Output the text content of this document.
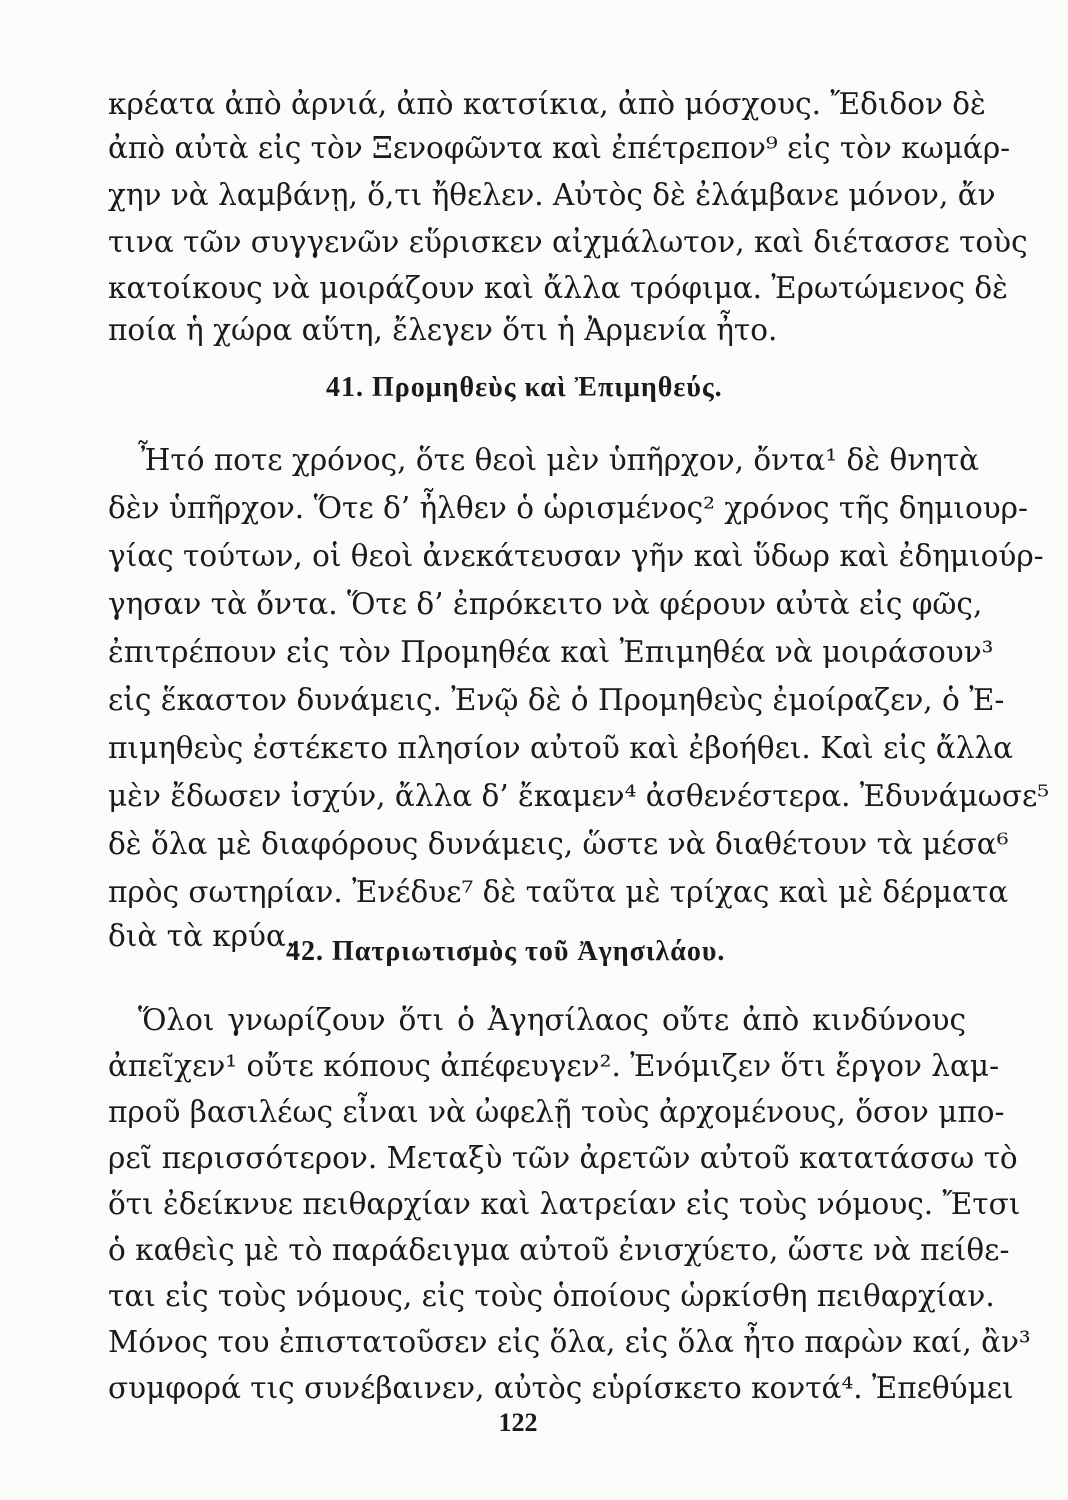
κρέατα ἀπὸ ἀρνιά, ἀπὸ κατσίκια, ἀπὸ μόσχους. Ἔδιδον δὲ

ἀπὸ αὐτὰ εἰς τὸν Ξενοφῶντα καὶ ἐπέτρεπον⁹ εἰς τὸν κωμάρ-

χην νὰ λαμβάνῃ, ὅ,τι ἤθελεν. Αὐτὸς δὲ ἐλάμβανε μόνον, ἄν

τινα τῶν συγγενῶν εὕρισκεν αἰχμάλωτον, καὶ διέτασσε τοὺς

κατοίκους νὰ μοιράζουν καὶ ἄλλα τρόφιμα. Ἐρωτώμενος δὲ

ποία ἡ χώρα αὕτη, ἔλεγεν ὅτι ἡ Ἀρμενία ἦτο.

41. Προμηθεὺς καὶ Ἐπιμηθεύς.

Ἦτό ποτε χρόνος, ὅτε θεοὶ μὲν ὑπῆρχον, ὄντα¹ δὲ θνητὰ

δὲν ὑπῆρχον. Ὅτε δ’ ἦλθεν ὁ ὡρισμένος² χρόνος τῆς δημιουρ-

γίας τούτων, οἱ θεοὶ ἀνεκάτευσαν γῆν καὶ ὕδωρ καὶ ἐδημιούρ-

γησαν τὰ ὄντα. Ὅτε δ’ ἐπρόκειτο νὰ φέρουν αὐτὰ εἰς φῶς,

ἐπιτρέπουν εἰς τὸν Προμηθέα καὶ Ἐπιμηθέα νὰ μοιράσουν³

εἰς ἕκαστον δυνάμεις. Ἐνῷ δὲ ὁ Προμηθεὺς ἐμοίραζεν, ὁ Ἐ-

πιμηθεὺς ἐστέκετο πλησίον αὐτοῦ καὶ ἐβοήθει. Καὶ εἰς ἄλλα

μὲν ἔδωσεν ἰσχύν, ἄλλα δ’ ἔκαμεν⁴ ἀσθενέστερα. Ἐδυνάμωσε⁵

δὲ ὅλα μὲ διαφόρους δυνάμεις, ὥστε νὰ διαθέτουν τὰ μέσα⁶

πρὸς σωτηρίαν. Ἐνέδυε⁷ δὲ ταῦτα μὲ τρίχας καὶ μὲ δέρματα

διὰ τὰ κρύα.

42. Πατριωτισμὸς τοῦ Ἀγησιλάου.

Ὅλοι γνωρίζουν ὅτι ὁ Ἀγησίλαος οὔτε ἀπὸ κινδύνους

ἀπεῖχεν¹ οὔτε κόπους ἀπέφευγεν². Ἐνόμιζεν ὅτι ἔργον λαμ-

προῦ βασιλέως εἶναι νὰ ὠφελῇ τοὺς ἀρχομένους, ὅσον μπο-

ρεῖ περισσότερον. Μεταξὺ τῶν ἀρετῶν αὐτοῦ κατατάσσω τὸ

ὅτι ἐδείκνυε πειθαρχίαν καὶ λατρείαν εἰς τοὺς νόμους. Ἔτσι

ὁ καθεὶς μὲ τὸ παράδειγμα αὐτοῦ ἐνισχύετο, ὥστε νὰ πείθε-

ται εἰς τοὺς νόμους, εἰς τοὺς ὁποίους ὡρκίσθη πειθαρχίαν.

Μόνος του ἐπιστατοῦσεν εἰς ὅλα, εἰς ὅλα ἦτο παρὼν καί, ἂν³

συμφορά τις συνέβαινεν, αὐτὸς εὑρίσκετο κοντά⁴. Ἐπεθύμει

122
